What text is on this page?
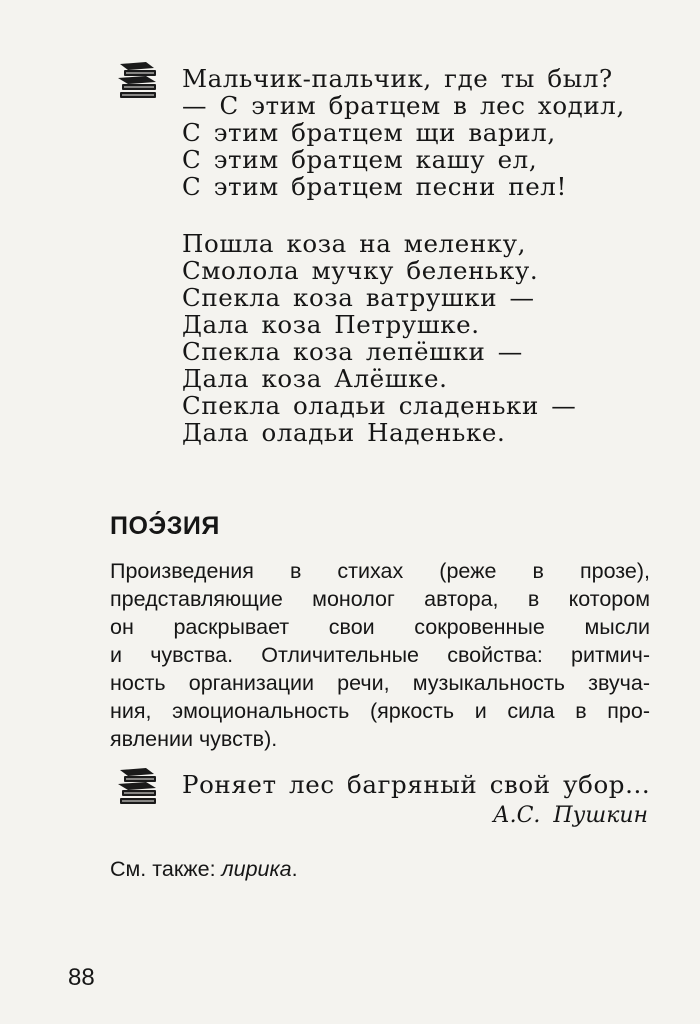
Мальчик-пальчик, где ты был?
— С этим братцем в лес ходил,
С этим братцем щи варил,
С этим братцем кашу ел,
С этим братцем песни пел!
Пошла коза на меленку,
Смолола мучку беленьку.
Спекла коза ватрушки —
Дала коза Петрушке.
Спекла коза лепёшки —
Дала коза Алёшке.
Спекла оладьи сладеньки —
Дала оладьи Наденьке.
ПОЭ́ЗИЯ
Произведения в стихах (реже в прозе),
представляющие монолог автора, в котором
он раскрывает свои сокровенные мысли
и чувства. Отличительные свойства: ритмич-
ность организации речи, музыкальность звуча-
ния, эмоциональность (яркость и сила в про-
явлении чувств).
Роняет лес багряный свой убор...
А.С. Пушкин
См. также: лирика.
88
